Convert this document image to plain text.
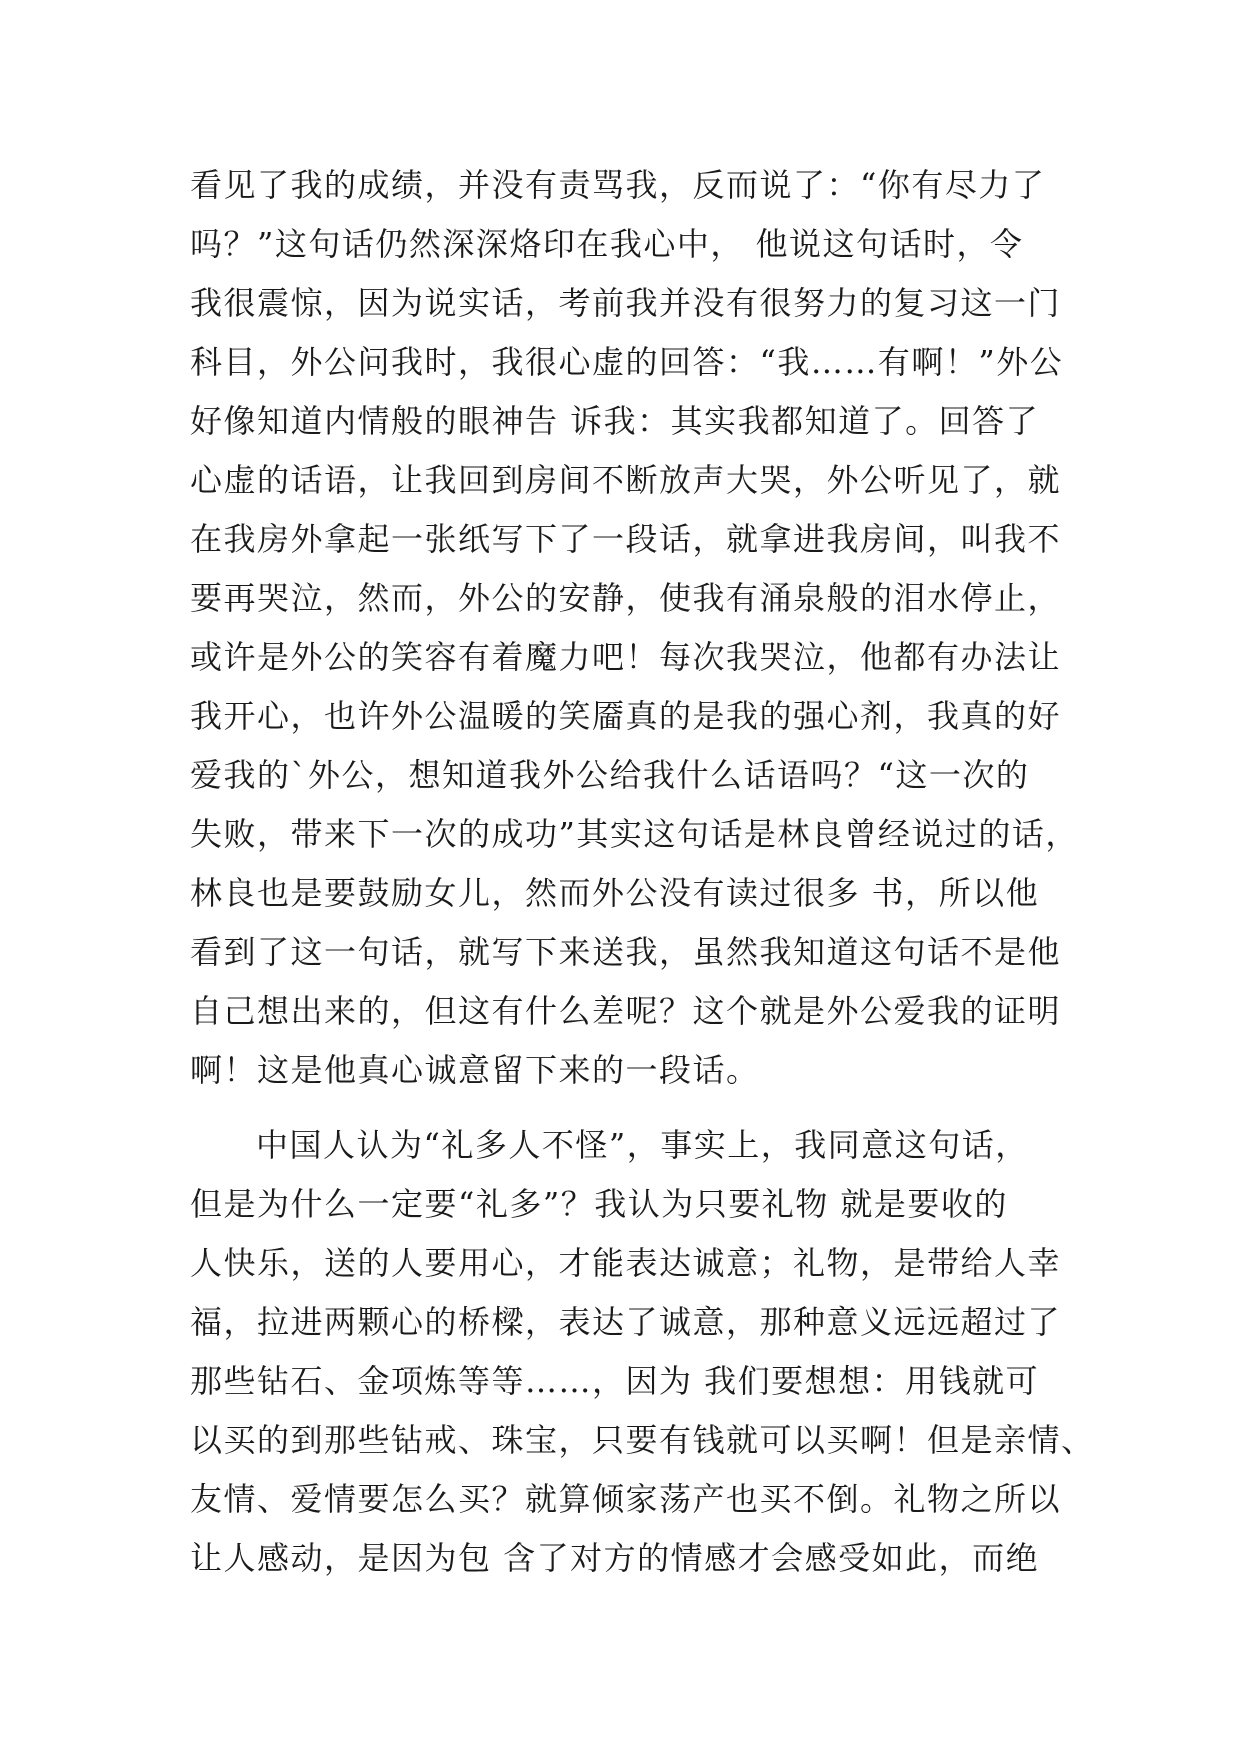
看见了我的成绩，并没有责骂我，反而说了：“你有尽力了
吗？”这句话仍然深深烙印在我心中， 他说这句话时，令
我很震惊，因为说实话，考前我并没有很努力的复习这一门
科目，外公问我时，我很心虚的回答：“我……有啊！”外公
好像知道内情般的眼神告 诉我：其实我都知道了。回答了
心虚的话语，让我回到房间不断放声大哭，外公听见了，就
在我房外拿起一张纸写下了一段话，就拿进我房间，叫我不
要再哭泣，然而，外公的安静，使我有涌泉般的泪水停止，
或许是外公的笑容有着魔力吧！每次我哭泣，他都有办法让
我开心，也许外公温暖的笑靥真的是我的强心剂，我真的好
爱我的`外公，想知道我外公给我什么话语吗？“这一次的
失败，带来下一次的成功”其实这句话是林良曾经说过的话，
林良也是要鼓励女儿，然而外公没有读过很多 书，所以他
看到了这一句话，就写下来送我，虽然我知道这句话不是他
自己想出来的，但这有什么差呢？这个就是外公爱我的证明
啊！这是他真心诚意留下来的一段话。
中国人认为“礼多人不怪”，事实上，我同意这句话，
但是为什么一定要“礼多”？我认为只要礼物 就是要收的
人快乐，送的人要用心，才能表达诚意；礼物，是带给人幸
福，拉进两颗心的桥樑，表达了诚意，那种意义远远超过了
那些钻石、金项炼等等……，因为 我们要想想：用钱就可
以买的到那些钻戒、珠宝，只要有钱就可以买啊！但是亲情、
友情、爱情要怎么买？就算倾家荡产也买不倒。礼物之所以
让人感动，是因为包 含了对方的情感才会感受如此，而绝
